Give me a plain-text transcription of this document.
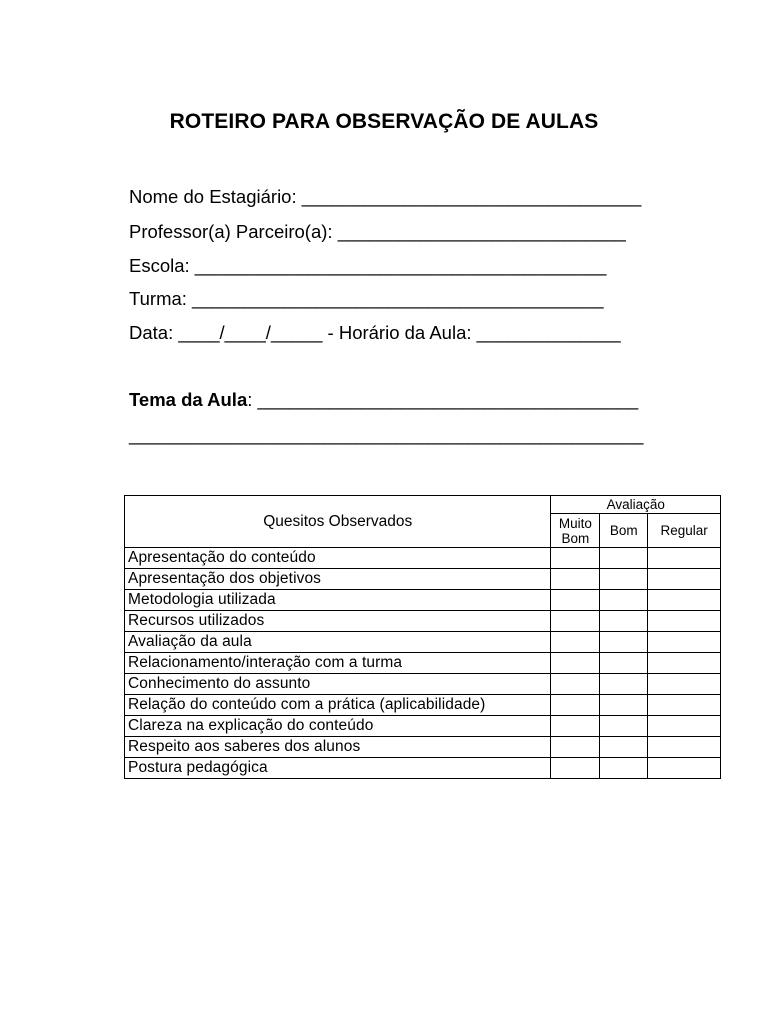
ROTEIRO PARA OBSERVAÇÃO DE AULAS
Nome do Estagiário: _________________________________
Professor(a) Parceiro(a): ____________________________
Escola: ________________________________________
Turma: ________________________________________
Data: ____/____/_____ - Horário da Aula: ______________
Tema da Aula: _____________________________________
__________________________________________________
Quesitos Observados	Avaliação		
	Muito Bom	Bom	Regular
Apresentação do conteúdo			
Apresentação dos objetivos			
Metodologia utilizada			
Recursos utilizados			
Avaliação da aula			
Relacionamento/interação com a turma			
Conhecimento do assunto			
Relação do conteúdo com a prática (aplicabilidade)			
Clareza na explicação do conteúdo			
Respeito aos saberes dos alunos			
Postura pedagógica			
